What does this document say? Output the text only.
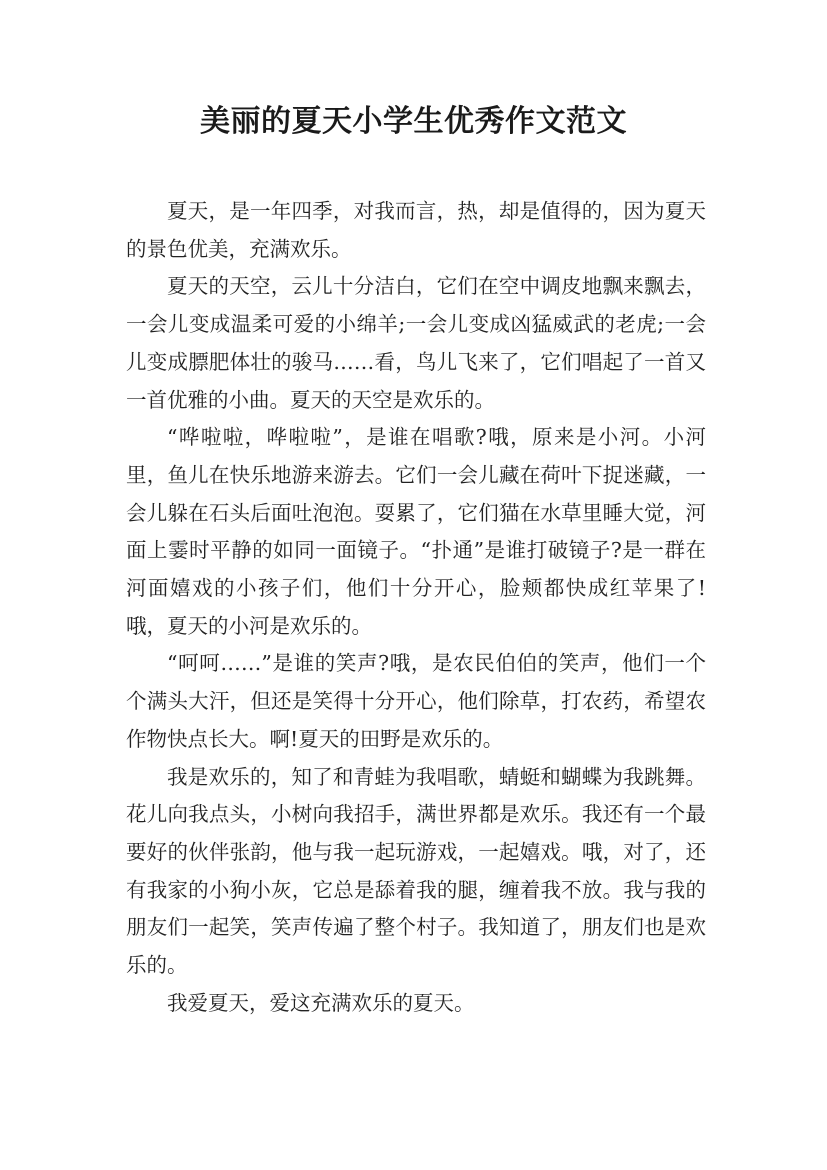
美丽的夏天小学生优秀作文范文

夏天，是一年四季，对我而言，热，却是值得的，因为夏天的景色优美，充满欢乐。

夏天的天空，云儿十分洁白，它们在空中调皮地飘来飘去，一会儿变成温柔可爱的小绵羊;一会儿变成凶猛威武的老虎;一会儿变成膘肥体壮的骏马……看，鸟儿飞来了，它们唱起了一首又一首优雅的小曲。夏天的天空是欢乐的。

“哗啦啦，哗啦啦”，是谁在唱歌?哦，原来是小河。小河里，鱼儿在快乐地游来游去。它们一会儿藏在荷叶下捉迷藏，一会儿躲在石头后面吐泡泡。耍累了，它们猫在水草里睡大觉，河面上霎时平静的如同一面镜子。“扑通”是谁打破镜子?是一群在河面嬉戏的小孩子们，他们十分开心，脸颊都快成红苹果了!哦，夏天的小河是欢乐的。

“呵呵……”是谁的笑声?哦，是农民伯伯的笑声，他们一个个满头大汗，但还是笑得十分开心，他们除草，打农药，希望农作物快点长大。啊!夏天的田野是欢乐的。

我是欢乐的，知了和青蛙为我唱歌，蜻蜓和蝴蝶为我跳舞。花儿向我点头，小树向我招手，满世界都是欢乐。我还有一个最要好的伙伴张韵，他与我一起玩游戏，一起嬉戏。哦，对了，还有我家的小狗小灰，它总是舔着我的腿，缠着我不放。我与我的朋友们一起笑，笑声传遍了整个村子。我知道了，朋友们也是欢乐的。

我爱夏天，爱这充满欢乐的夏天。
